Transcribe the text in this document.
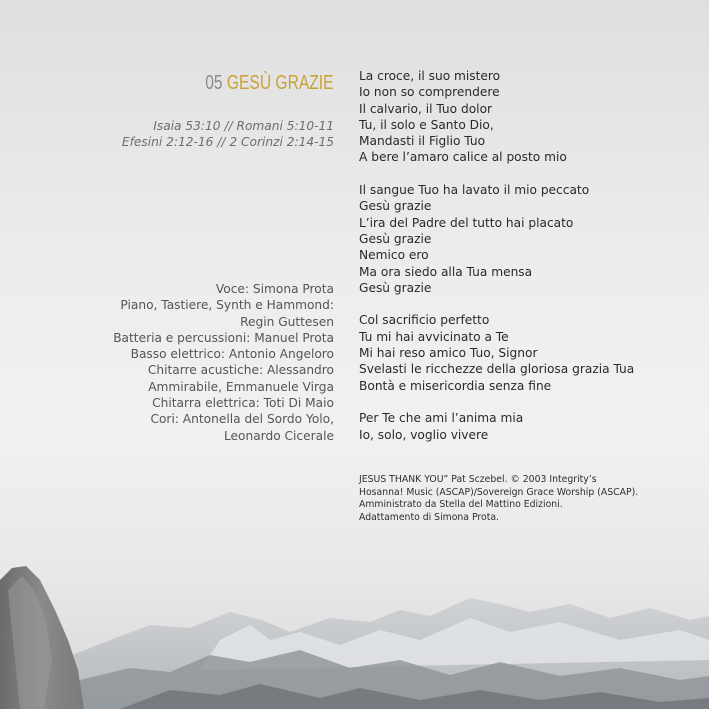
05 GESÙ GRAZIE
Isaia 53:10 // Romani 5:10-11
Efesini 2:12-16 // 2 Corinzi 2:14-15
Voce: Simona Prota
Piano, Tastiere, Synth e Hammond:
Regin Guttesen
Batteria e percussioni: Manuel Prota
Basso elettrico: Antonio Angeloro
Chitarre acustiche: Alessandro
Ammirabile, Emmanuele Virga
Chitarra elettrica: Toti Di Maio
Cori: Antonella del Sordo Yolo,
Leonardo Cicerale
La croce, il suo mistero
Io non so comprendere
Il calvario, il Tuo dolor
Tu, il solo e Santo Dio,
Mandasti il Figlio Tuo
A bere l’amaro calice al posto mio
Il sangue Tuo ha lavato il mio peccato
Gesù grazie
L’ira del Padre del tutto hai placato
Gesù grazie
Nemico ero
Ma ora siedo alla Tua mensa
Gesù grazie
Col sacrificio perfetto
Tu mi hai avvicinato a Te
Mi hai reso amico Tuo, Signor
Svelasti le ricchezze della gloriosa grazia Tua
Bontà e misericordia senza fine
Per Te che ami l’anima mia
Io, solo, voglio vivere
JESUS THANK YOU” Pat Sczebel. © 2003 Integrity’s
Hosanna! Music (ASCAP)/Sovereign Grace Worship (ASCAP).
Amministrato da Stella del Mattino Edizioni.
Adattamento di Simona Prota.
